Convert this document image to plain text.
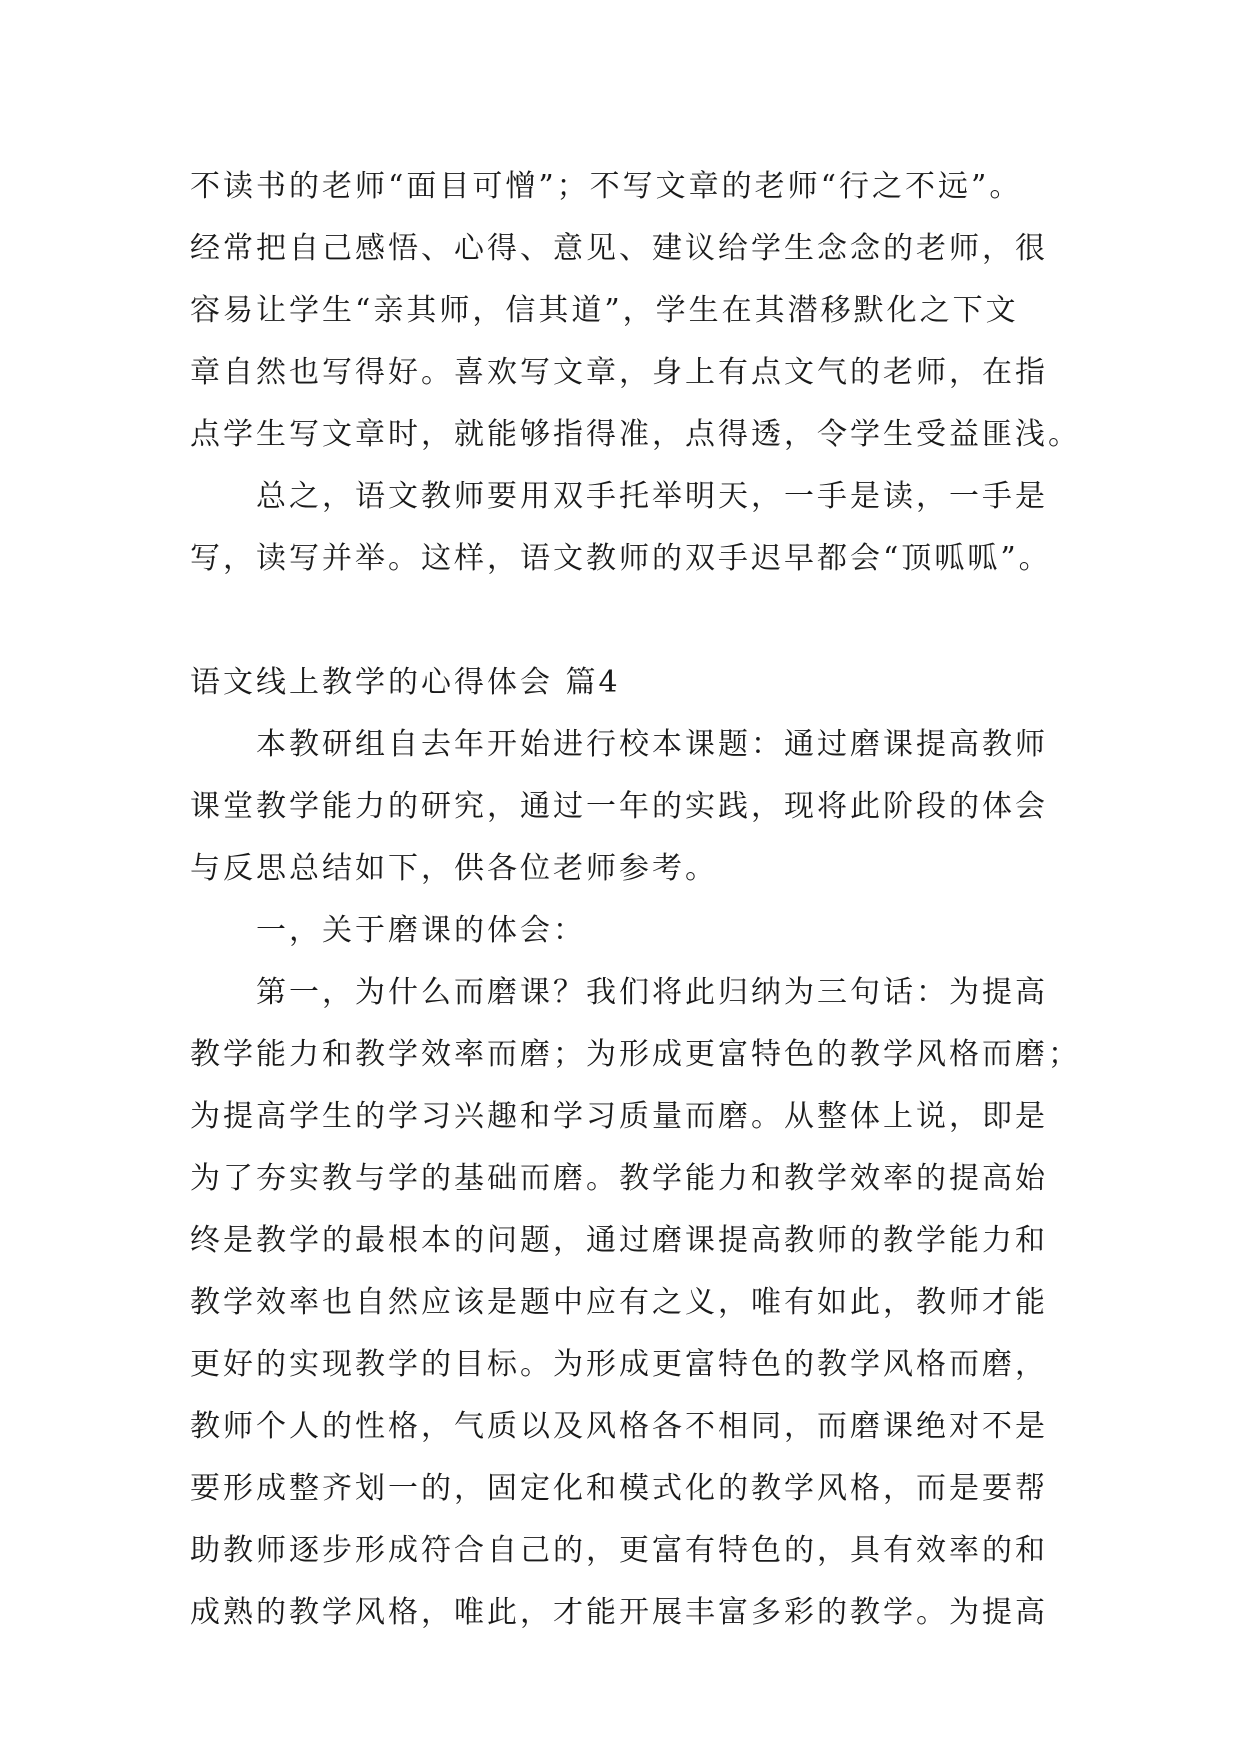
不读书的老师“面目可憎”；不写文章的老师“行之不远”。
经常把自己感悟、心得、意见、建议给学生念念的老师，很
容易让学生“亲其师，信其道”，学生在其潜移默化之下文
章自然也写得好。喜欢写文章，身上有点文气的老师，在指
点学生写文章时，就能够指得准，点得透，令学生受益匪浅。
　　总之，语文教师要用双手托举明天，一手是读，一手是
写，读写并举。这样，语文教师的双手迟早都会“顶呱呱”。
语文线上教学的心得体会 篇4
　　本教研组自去年开始进行校本课题：通过磨课提高教师
课堂教学能力的研究，通过一年的实践，现将此阶段的体会
与反思总结如下，供各位老师参考。
　　一，关于磨课的体会：
　　第一，为什么而磨课？我们将此归纳为三句话：为提高
教学能力和教学效率而磨；为形成更富特色的教学风格而磨；
为提高学生的学习兴趣和学习质量而磨。从整体上说，即是
为了夯实教与学的基础而磨。教学能力和教学效率的提高始
终是教学的最根本的问题，通过磨课提高教师的教学能力和
教学效率也自然应该是题中应有之义，唯有如此，教师才能
更好的实现教学的目标。为形成更富特色的教学风格而磨，
教师个人的性格，气质以及风格各不相同，而磨课绝对不是
要形成整齐划一的，固定化和模式化的教学风格，而是要帮
助教师逐步形成符合自己的，更富有特色的，具有效率的和
成熟的教学风格，唯此，才能开展丰富多彩的教学。为提高
